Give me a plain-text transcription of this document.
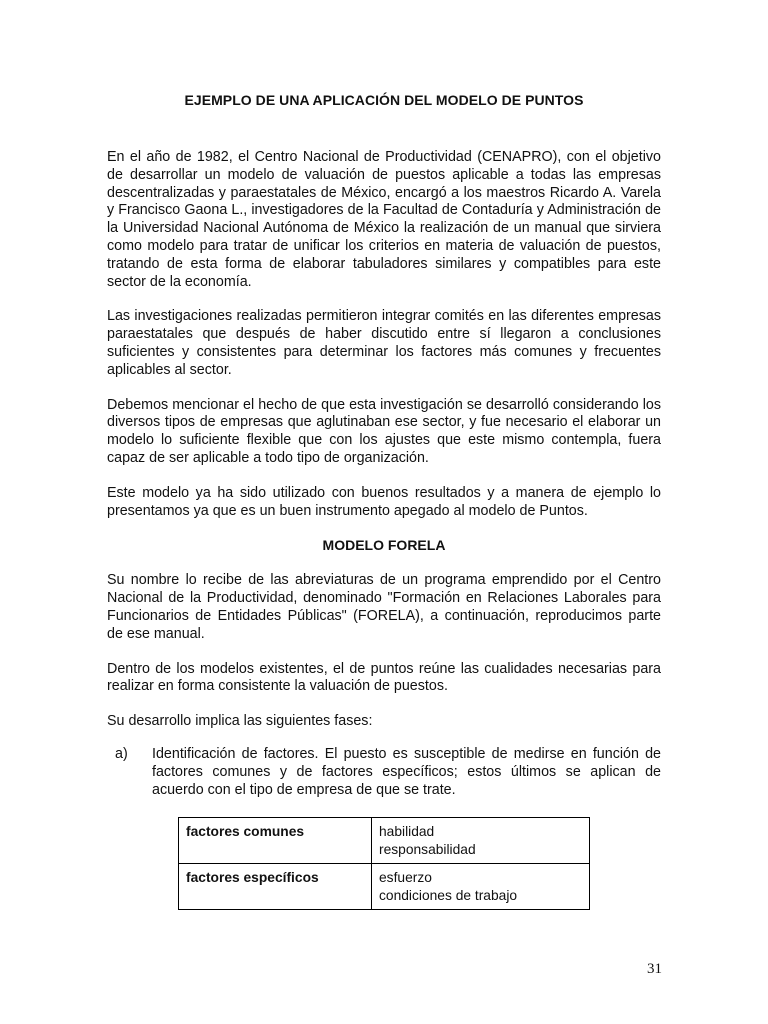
EJEMPLO DE UNA APLICACIÓN DEL MODELO DE PUNTOS

En el año de 1982, el Centro Nacional de Productividad (CENAPRO), con el objetivo de desarrollar un modelo de valuación de puestos aplicable a todas las empresas descentralizadas y paraestatales de México, encargó a los maestros Ricardo A. Varela y Francisco Gaona L., investigadores de la Facultad de Contaduría y Administración de la Universidad Nacional Autónoma de México la realización de un manual que sirviera como modelo para tratar de unificar los criterios en materia de valuación de puestos, tratando de esta forma de elaborar tabuladores similares y compatibles para este sector de la economía.

Las investigaciones realizadas permitieron integrar comités en las diferentes empresas paraestatales que después de haber discutido entre sí llegaron a conclusiones suficientes y consistentes para determinar los factores más comunes y frecuentes aplicables al sector.

Debemos mencionar el hecho de que esta investigación se desarrolló considerando los diversos tipos de empresas que aglutinaban ese sector, y fue necesario el elaborar un modelo lo suficiente flexible que con los ajustes que este mismo contempla, fuera capaz de ser aplicable a todo tipo de organización.

Este modelo ya ha sido utilizado con buenos resultados y a manera de ejemplo lo presentamos ya que es un buen instrumento apegado al modelo de Puntos.

MODELO FORELA

Su nombre lo recibe de las abreviaturas de un programa emprendido por el Centro Nacional de la Productividad, denominado "Formación en Relaciones Laborales para Funcionarios de Entidades Públicas" (FORELA), a continuación, reproducimos parte de ese manual.

Dentro de los modelos existentes, el de puntos reúne las cualidades necesarias para realizar en forma consistente la valuación de puestos.

Su desarrollo implica las siguientes fases:

a)	Identificación de factores. El puesto es susceptible de medirse en función de factores comunes y de factores específicos; estos últimos se aplican de acuerdo con el tipo de empresa de que se trate.
factores comunes	habilidad
responsabilidad

factores específicos	esfuerzo
condiciones de trabajo
31
